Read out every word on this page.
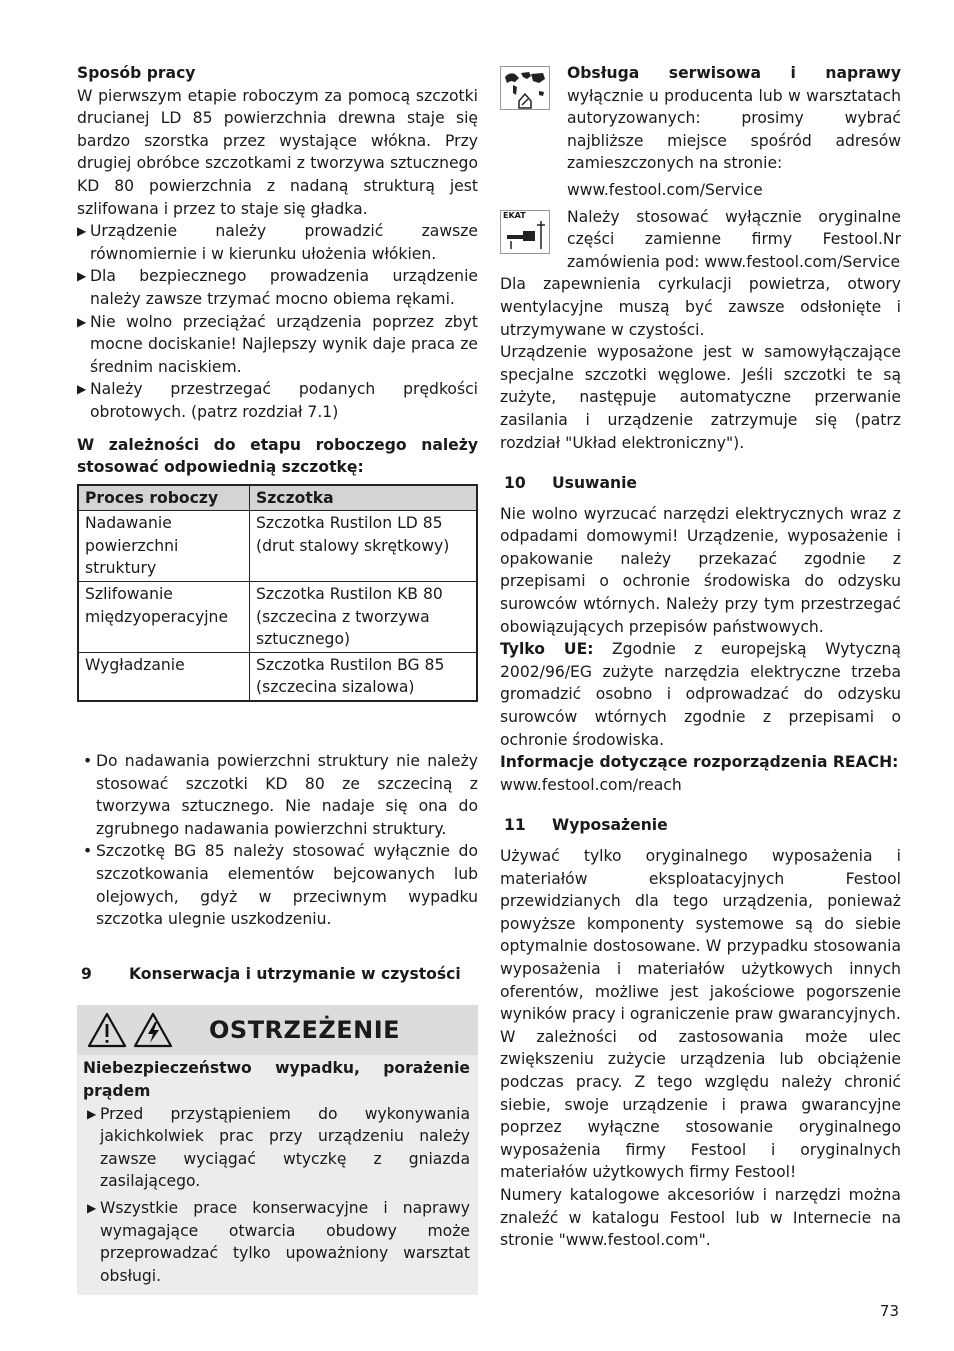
Sposób pracy

W pierwszym etapie roboczym za pomocą szczotki drucianej LD 85 powierzchnia drewna staje się bardzo szorstka przez wystające włókna. Przy drugiej obróbce szczotkami z tworzywa sztucznego KD 80 powierzchnia z nadaną strukturą jest szlifowana i przez to staje się gładka.

▶ Urządzenie należy prowadzić zawsze równomiernie i w kierunku ułożenia włókien.
▶ Dla bezpiecznego prowadzenia urządzenie należy zawsze trzymać mocno obiema rękami.
▶ Nie wolno przeciążać urządzenia poprzez zbyt mocne dociskanie! Najlepszy wynik daje praca ze średnim naciskiem.
▶ Należy przestrzegać podanych prędkości obrotowych. (patrz rozdział 7.1)

W zależności do etapu roboczego należy stosować odpowiednią szczotkę:

Proces roboczy	Szczotka
Nadawanie powierzchni struktury	Szczotka Rustilon LD 85 (drut stalowy skrętkowy)
Szlifowanie międzyoperacyjne	Szczotka Rustilon KB 80 (szczecina z tworzywa sztucznego)
Wygładzanie	Szczotka Rustilon BG 85 (szczecina sizalowa)
• Do nadawania powierzchni struktury nie należy stosować szczotki KD 80 ze szczeciną z tworzywa sztucznego. Nie nadaje się ona do zgrubnego nadawania powierzchni struktury.
• Szczotkę BG 85 należy stosować wyłącznie do szczotkowania elementów bejcowanych lub olejowych, gdyż w przeciwnym wypadku szczotka ulegnie uszkodzeniu.
9	Konserwacja i utrzymanie w czystości
OSTRZEŻENIE

Niebezpieczeństwo wypadku, porażenie prądem

▶ Przed przystąpieniem do wykonywania jakichkolwiek prac przy urządzeniu należy zawsze wyciągać wtyczkę z gniazda zasilającego.
▶ Wszystkie prace konserwacyjne i naprawy wymagające otwarcia obudowy może przeprowadzać tylko upoważniony warsztat obsługi.

Obsługa serwisowa i naprawy wyłącznie u producenta lub w warsztatach autoryzowanych: prosimy wybrać najbliższe miejsce spośród adresów zamieszczonych na stronie:

www.festool.com/Service

EKAT	Należy stosować wyłącznie oryginalne części zamienne firmy Festool.Nr zamówienia pod: www.festool.com/Service

Dla zapewnienia cyrkulacji powietrza, otwory wentylacyjne muszą być zawsze odsłonięte i utrzymywane w czystości.

Urządzenie wyposażone jest w samowyłączające specjalne szczotki węglowe. Jeśli szczotki te są zużyte, następuje automatyczne przerwanie zasilania i urządzenie zatrzymuje się (patrz rozdział "Układ elektroniczny").

10	Usuwanie

Nie wolno wyrzucać narzędzi elektrycznych wraz z odpadami domowymi! Urządzenie, wyposażenie i opakowanie należy przekazać zgodnie z przepisami o ochronie środowiska do odzysku surowców wtórnych. Należy przy tym przestrzegać obowiązujących przepisów państwowych.

Tylko UE: Zgodnie z europejską Wytyczną 2002/96/EG zużyte narzędzia elektryczne trzeba gromadzić osobno i odprowadzać do odzysku surowców wtórnych zgodnie z przepisami o ochronie środowiska.

Informacje dotyczące rozporządzenia REACH:

www.festool.com/reach

11	Wyposażenie

Używać tylko oryginalnego wyposażenia i materiałów eksploatacyjnych Festool przewidzianych dla tego urządzenia, ponieważ powyższe komponenty systemowe są do siebie optymalnie dostosowane. W przypadku stosowania wyposażenia i materiałów użytkowych innych oferentów, możliwe jest jakościowe pogorszenie wyników pracy i ograniczenie praw gwarancyjnych.

W zależności od zastosowania może ulec zwiększeniu zużycie urządzenia lub obciążenie podczas pracy. Z tego względu należy chronić siebie, swoje urządzenie i prawa gwarancyjne poprzez wyłączne stosowanie oryginalnego wyposażenia firmy Festool i oryginalnych materiałów użytkowych firmy Festool!

Numery katalogowe akcesoriów i narzędzi można znaleźć w katalogu Festool lub w Internecie na stronie "www.festool.com".

73
